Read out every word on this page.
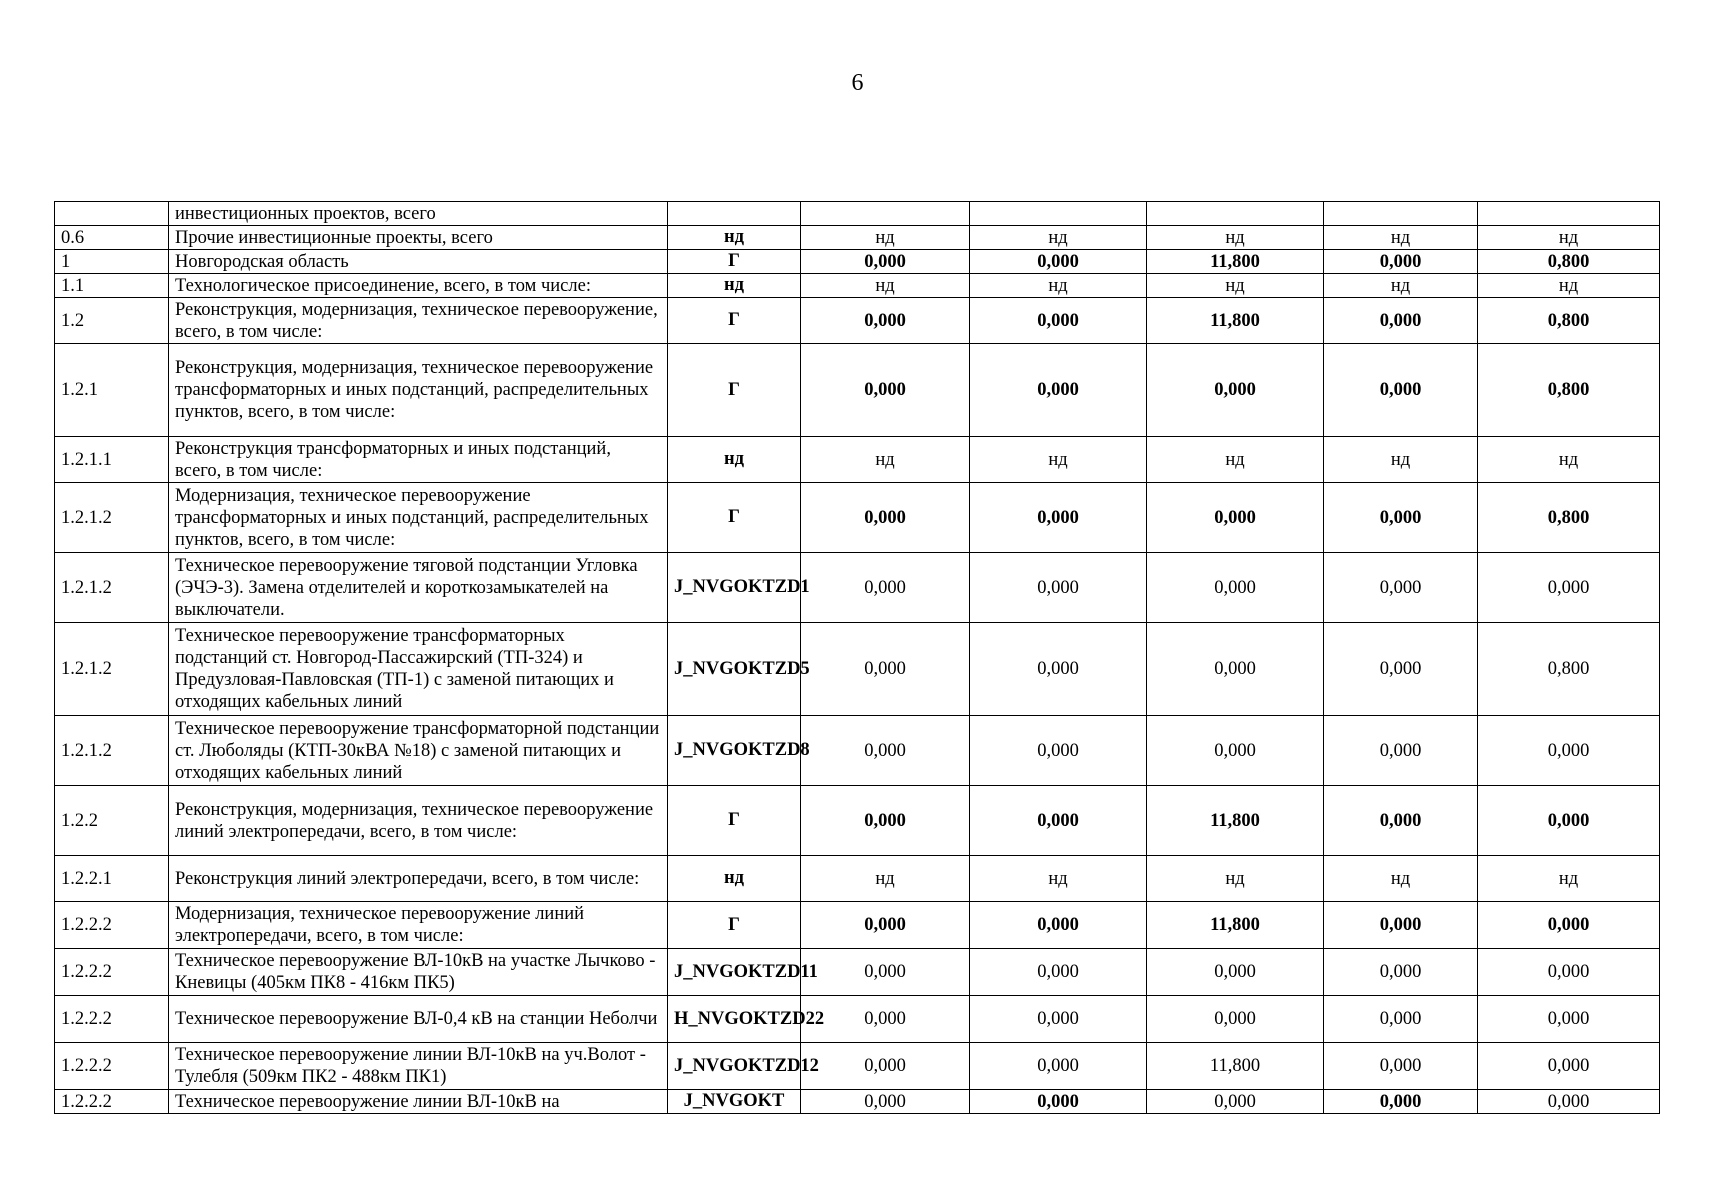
6
	инвестиционных проектов, всего						
0.6	Прочие инвестиционные проекты, всего	нд	нд	нд	нд	нд	нд
1	Новгородская область	Г	0,000	0,000	11,800	0,000	0,800
1.1	Технологическое присоединение, всего, в том числе:	нд	нд	нд	нд	нд	нд
1.2	Реконструкция, модернизация, техническое перевооружение, всего, в том числе:	Г	0,000	0,000	11,800	0,000	0,800
1.2.1	Реконструкция, модернизация, техническое перевооружение трансформаторных и иных подстанций, распределительных пунктов, всего, в том числе:	Г	0,000	0,000	0,000	0,000	0,800
1.2.1.1	Реконструкция трансформаторных и иных подстанций, всего, в том числе:	нд	нд	нд	нд	нд	нд
1.2.1.2	Модернизация, техническое перевооружение трансформаторных и иных подстанций, распределительных пунктов, всего, в том числе:	Г	0,000	0,000	0,000	0,000	0,800
1.2.1.2	Техническое перевооружение тяговой подстанции Угловка (ЭЧЭ-3). Замена отделителей и короткозамыкателей на выключатели.	J_NVGOKTZD1	0,000	0,000	0,000	0,000	0,000
1.2.1.2	Техническое перевооружение трансформаторных подстанций ст. Новгород-Пассажирский (ТП-324) и Предузловая-Павловская (ТП-1) с заменой питающих и отходящих кабельных линий	J_NVGOKTZD5	0,000	0,000	0,000	0,000	0,800
1.2.1.2	Техническое перевооружение трансформаторной подстанции ст. Люболяды (КТП-30кВА №18) с заменой питающих и отходящих кабельных линий	J_NVGOKTZD8	0,000	0,000	0,000	0,000	0,000
1.2.2	Реконструкция, модернизация, техническое перевооружение линий электропередачи, всего, в том числе:	Г	0,000	0,000	11,800	0,000	0,000
1.2.2.1	Реконструкция линий электропередачи, всего, в том числе:	нд	нд	нд	нд	нд	нд
1.2.2.2	Модернизация, техническое перевооружение линий электропередачи, всего, в том числе:	Г	0,000	0,000	11,800	0,000	0,000
1.2.2.2	Техническое перевооружение ВЛ-10кВ на участке Лычково - Кневицы (405км ПК8 - 416км ПК5)	J_NVGOKTZD11	0,000	0,000	0,000	0,000	0,000
1.2.2.2	Техническое перевооружение ВЛ-0,4 кВ на станции Неболчи	H_NVGOKTZD22	0,000	0,000	0,000	0,000	0,000
1.2.2.2	Техническое перевооружение линии ВЛ-10кВ на уч.Волот - Тулебля (509км ПК2 - 488км ПК1)	J_NVGOKTZD12	0,000	0,000	11,800	0,000	0,000
1.2.2.2	Техническое перевооружение линии ВЛ-10кВ на	J_NVGOKT	0,000	0,000	0,000	0,000	0,000
